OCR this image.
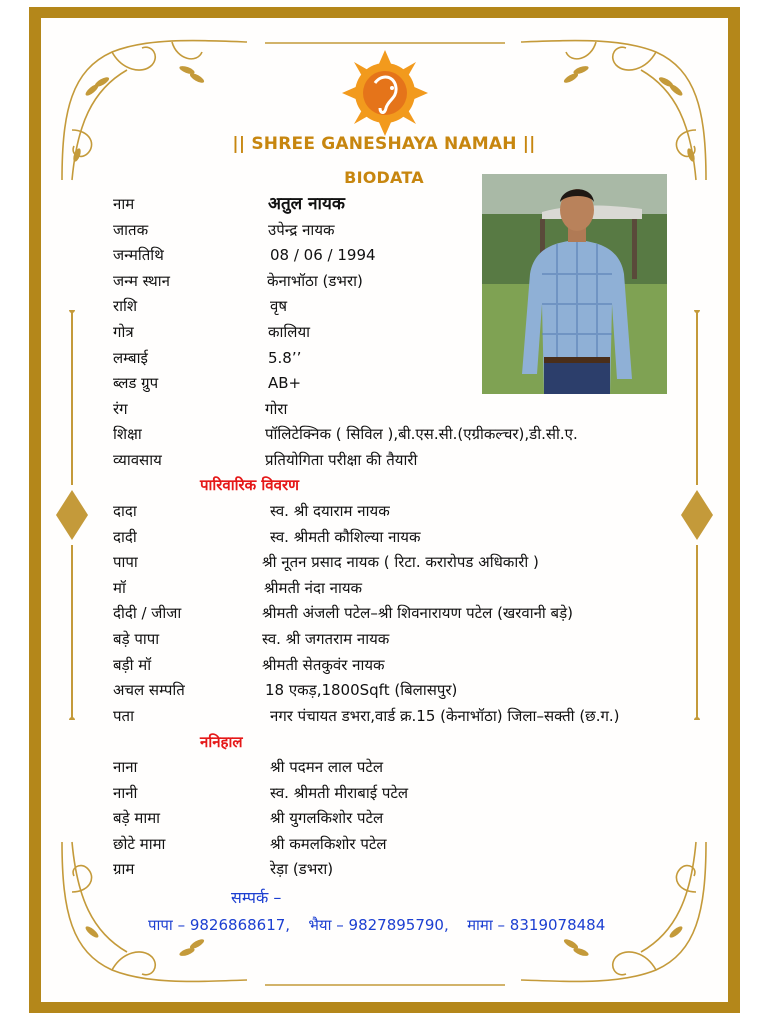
|| SHREE GANESHAYA NAMAH ||
BIODATA
नाम	अतुल नायक
जातक	उपेन्द्र नायक
जन्मतिथि	08 / 06 / 1994
जन्म स्थान	केनाभॉठा (डभरा)
राशि	वृष
गोत्र	कालिया
लम्बाई	5.8’’
ब्लड ग्रुप	AB+
रंग	गोरा
शिक्षा	पॉलिटेक्निक ( सिविल ),बी.एस.सी.(एग्रीकल्चर),डी.सी.ए.
व्यावसाय	प्रतियोगिता परीक्षा की तैयारी
पारिवारिक विवरण
ननिहाल
दादा	स्व. श्री दयाराम नायक
दादी	स्व. श्रीमती कौशिल्या नायक
पापा	श्री नूतन प्रसाद नायक ( रिटा. करारोपड अधिकारी )
मॉ	श्रीमती नंदा नायक
दीदी / जीजा	श्रीमती अंजली पटेल–श्री शिवनारायण पटेल (खरवानी बड़े)
बड़े पापा	स्व. श्री जगतराम नायक
बड़ी मॉ	श्रीमती सेतकुवंर नायक
अचल सम्पति	18 एकड़,1800Sqft (बिलासपुर)
पता	नगर पंचायत डभरा,वार्ड क्र.15 (केनाभॉठा) जिला–सक्ती (छ.ग.)
नाना	श्री पदमन लाल पटेल
नानी	स्व. श्रीमती मीराबाई पटेल
बड़े मामा	श्री युगलकिशोर पटेल
छोटे मामा	श्री कमलकिशोर पटेल
ग्राम	रेड़ा (डभरा)
सम्पर्क –
पापा – 9826868617, भैया – 9827895790, मामा – 8319078484
